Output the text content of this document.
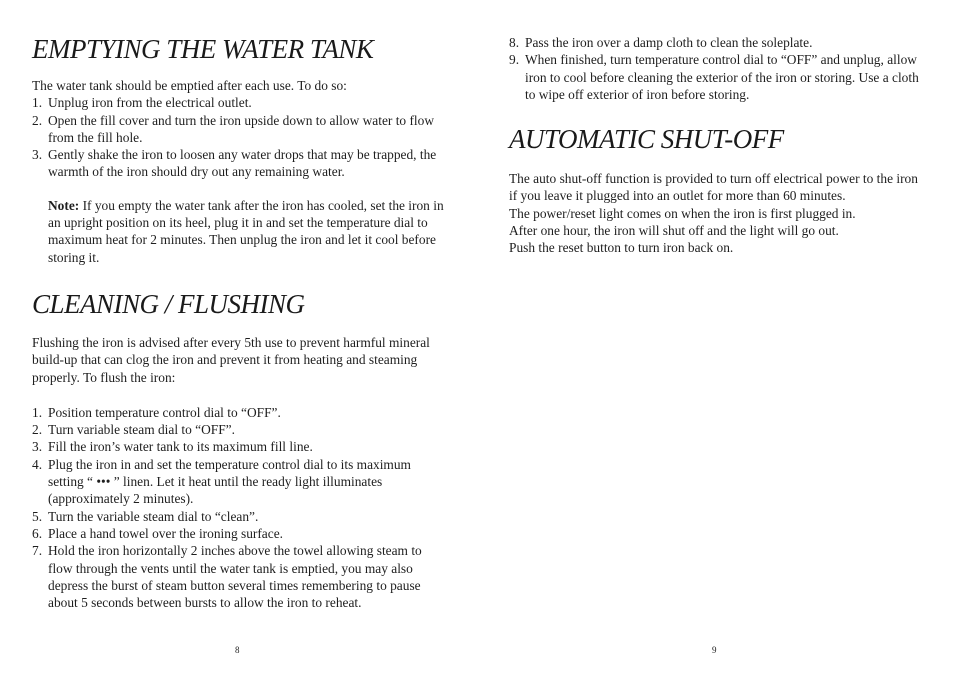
EMPTYING THE WATER TANK

The water tank should be emptied after each use. To do so:

1. Unplug iron from the electrical outlet.
2. Open the fill cover and turn the iron upside down to allow water to flow from the fill hole.
3. Gently shake the iron to loosen any water drops that may be trapped, the warmth of the iron should dry out any remaining water.

Note: If you empty the water tank after the iron has cooled, set the iron in an upright position on its heel, plug it in and set the temperature dial to maximum heat for 2 minutes. Then unplug the iron and let it cool before storing it.

CLEANING / FLUSHING

Flushing the iron is advised after every 5th use to prevent harmful mineral build-up that can clog the iron and prevent it from heating and steaming properly. To flush the iron:

1. Position temperature control dial to “OFF”.
2. Turn variable steam dial to “OFF”.
3. Fill the iron’s water tank to its maximum fill line.
4. Plug the iron in and set the temperature control dial to its maximum setting “ ••• ” linen. Let it heat until the ready light illuminates (approximately 2 minutes).
5. Turn the variable steam dial to “clean”.
6. Place a hand towel over the ironing surface.
7. Hold the iron horizontally 2 inches above the towel allowing steam to flow through the vents until the water tank is emptied, you may also depress the burst of steam button several times remembering to pause about 5 seconds between bursts to allow the iron to reheat.
8
8. Pass the iron over a damp cloth to clean the soleplate.
9. When finished, turn temperature control dial to “OFF” and unplug, allow iron to cool before cleaning the exterior of the iron or storing. Use a cloth to wipe off exterior of iron before storing.
AUTOMATIC SHUT-OFF

The auto shut-off function is provided to turn off electrical power to the iron if you leave it plugged into an outlet for more than 60 minutes.

The power/reset light comes on when the iron is first plugged in.

After one hour, the iron will shut off and the light will go out.

Push the reset button to turn iron back on.

9
